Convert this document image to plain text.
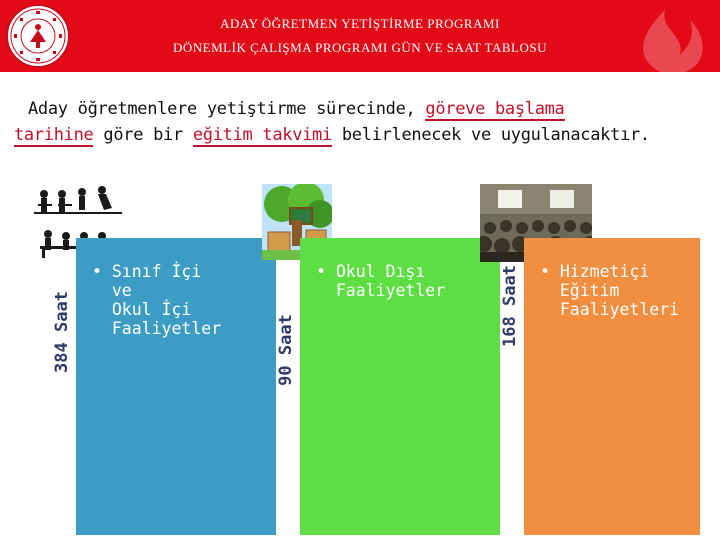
ADAY ÖĞRETMEN YETİŞTİRME PROGRAMI
DÖNEMLİK ÇALIŞMA PROGRAMI GÜN VE SAAT TABLOSU
Aday öğretmenlere yetiştirme sürecinde, göreve başlama
tarihine göre bir eğitim takvimi belirlenecek ve uygulanacaktır.
384 Saat
• Sınıf İçi
ve
Okul İçi
Faaliyetler	90 Saat
• Okul Dışı
Faaliyetler	168 Saat • Hizmetiçi
Eğitim
Faaliyetleri
